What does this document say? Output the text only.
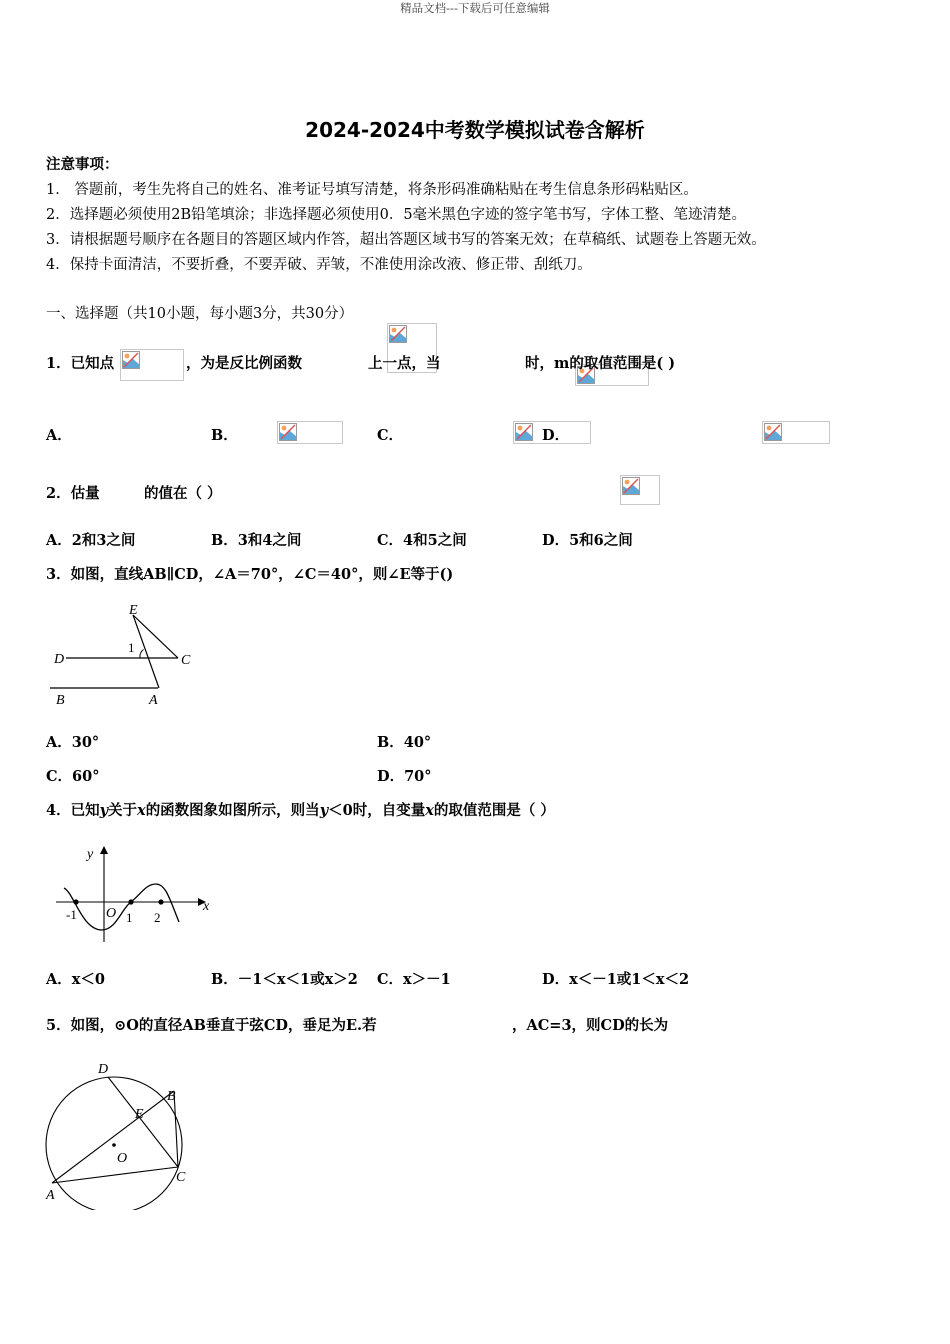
精品文档---下载后可任意编辑
2024-2024中考数学模拟试卷含解析
注意事项：
1． 答题前，考生先将自己的姓名、准考证号填写清楚，将条形码准确粘贴在考生信息条形码粘贴区。
2．选择题必须使用2B铅笔填涂；非选择题必须使用0．5毫米黑色字迹的签字笔书写，字体工整、笔迹清楚。
3．请根据题号顺序在各题目的答题区域内作答，超出答题区域书写的答案无效；在草稿纸、试题卷上答题无效。
4．保持卡面清洁，不要折叠，不要弄破、弄皱，不准使用涂改液、修正带、刮纸刀。
一、选择题（共10小题，每小题3分，共30分）
1．已知点
	，为是反比例函数
	上一点，当
	时，m的取值范围是( )
A．
	B．
	C．
	D．

2．估量
	的值在（ ）
A．2和3之间	B．3和4之间	C．4和5之间	D．5和6之间
3．如图，直线AB∥CD，∠A＝70°，∠C＝40°，则∠E等于()
E
D	C
B	A
1
A．30°	B．40°
C．60°	D．70°
4．已知y关于x的函数图象如图所示，则当y＜0时，自变量x的取值范围是（ ）
y
x
O
-1	1 2
A．x＜0	B．－1＜x＜1或x＞2 C．x＞－1	D．x＜－1或1＜x＜2
5．如图，⊙O的直径AB垂直于弦CD，垂足为E.若	，AC=3，则CD的长为
D
B
E
O
C
A
